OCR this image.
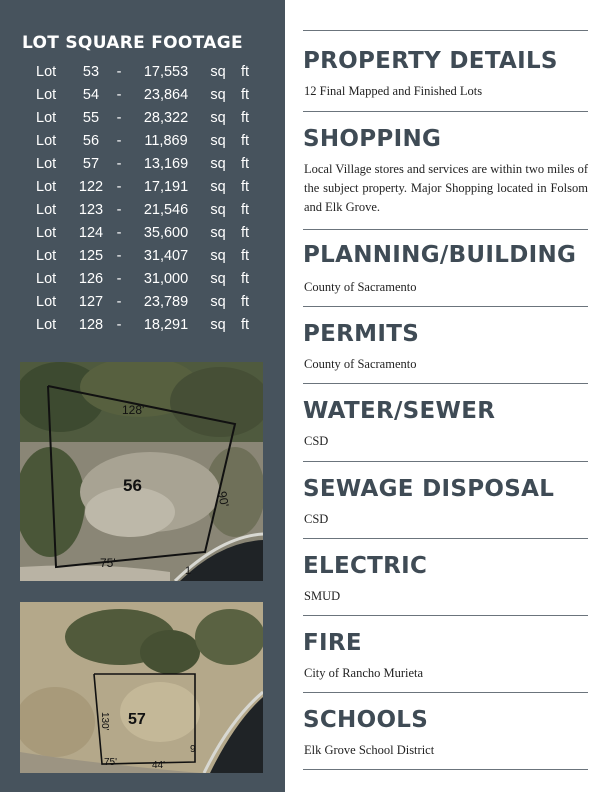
LOT SQUARE FOOTAGE
Lot	53	-	17,553	sq	ft
Lot	54	-	23,864	sq	ft
Lot	55	-	28,322	sq	ft
Lot	56	-	11,869	sq	ft
Lot	57	-	13,169	sq	ft
Lot	122 -	17,191	sq	ft
Lot	123 -	21,546	sq	ft
Lot	124 -	35,600	sq	ft
Lot	125 -	31,407	sq	ft
Lot	126 -	31,000	sq	ft
Lot	127 -	23,789	sq	ft
Lot	128 -	18,291	sq	ft
128'
90'
75'
1
56
130'
75'	44'
9
57
PROPERTY DETAILS

12 Final Mapped and Finished Lots

SHOPPING

Local Village stores and services are within two miles of the subject property. Major Shopping located in Folsom and Elk Grove.

PLANNING/BUILDING

County of Sacramento

PERMITS

County of Sacramento

WATER/SEWER

CSD

SEWAGE DISPOSAL

CSD

ELECTRIC

SMUD

FIRE

City of Rancho Murieta

SCHOOLS

Elk Grove School District
